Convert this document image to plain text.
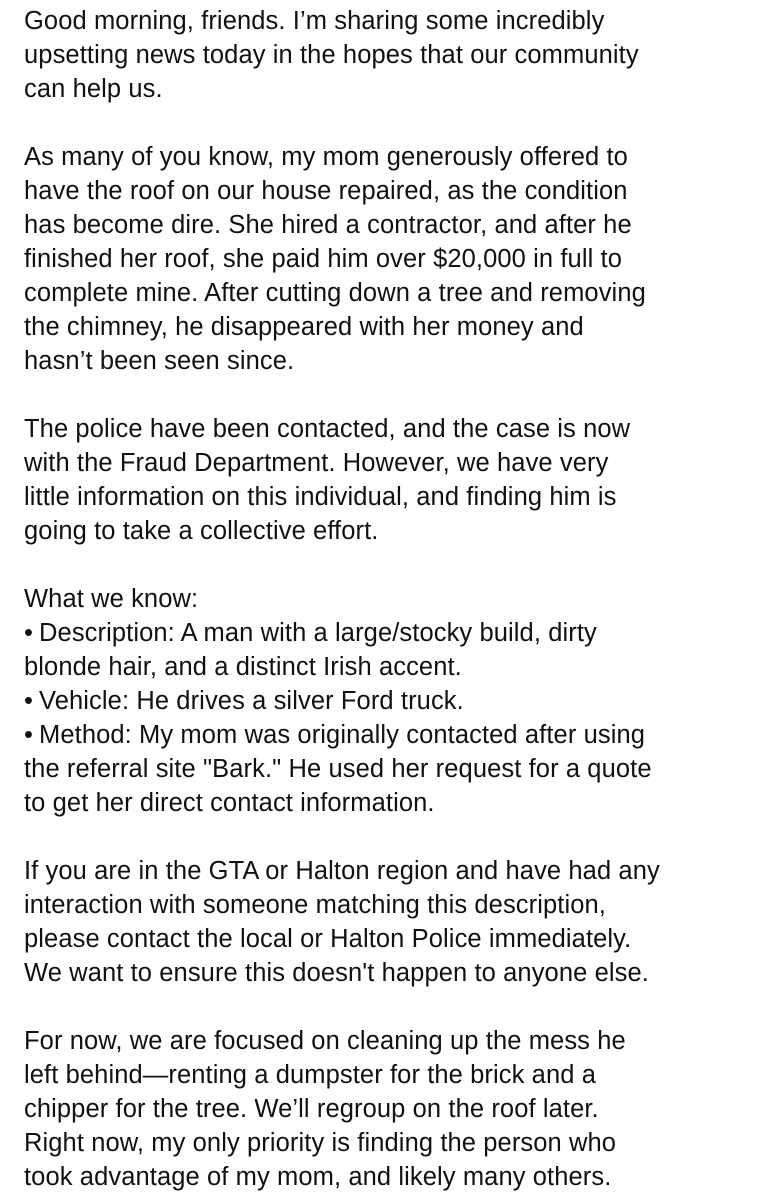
Good morning, friends. I’m sharing some incredibly
upsetting news today in the hopes that our community
can help us.

As many of you know, my mom generously offered to
have the roof on our house repaired, as the condition
has become dire. She hired a contractor, and after he
finished her roof, she paid him over $20,000 in full to
complete mine. After cutting down a tree and removing
the chimney, he disappeared with her money and
hasn’t been seen since.

The police have been contacted, and the case is now
with the Fraud Department. However, we have very
little information on this individual, and finding him is
going to take a collective effort.

What we know:
• Description: A man with a large/stocky build, dirty
blonde hair, and a distinct Irish accent.
• Vehicle: He drives a silver Ford truck.
• Method: My mom was originally contacted after using
the referral site "Bark." He used her request for a quote
to get her direct contact information.

If you are in the GTA or Halton region and have had any
interaction with someone matching this description,
please contact the local or Halton Police immediately.
We want to ensure this doesn't happen to anyone else.

For now, we are focused on cleaning up the mess he
left behind—renting a dumpster for the brick and a
chipper for the tree. We’ll regroup on the roof later.
Right now, my only priority is finding the person who
took advantage of my mom, and likely many others.
